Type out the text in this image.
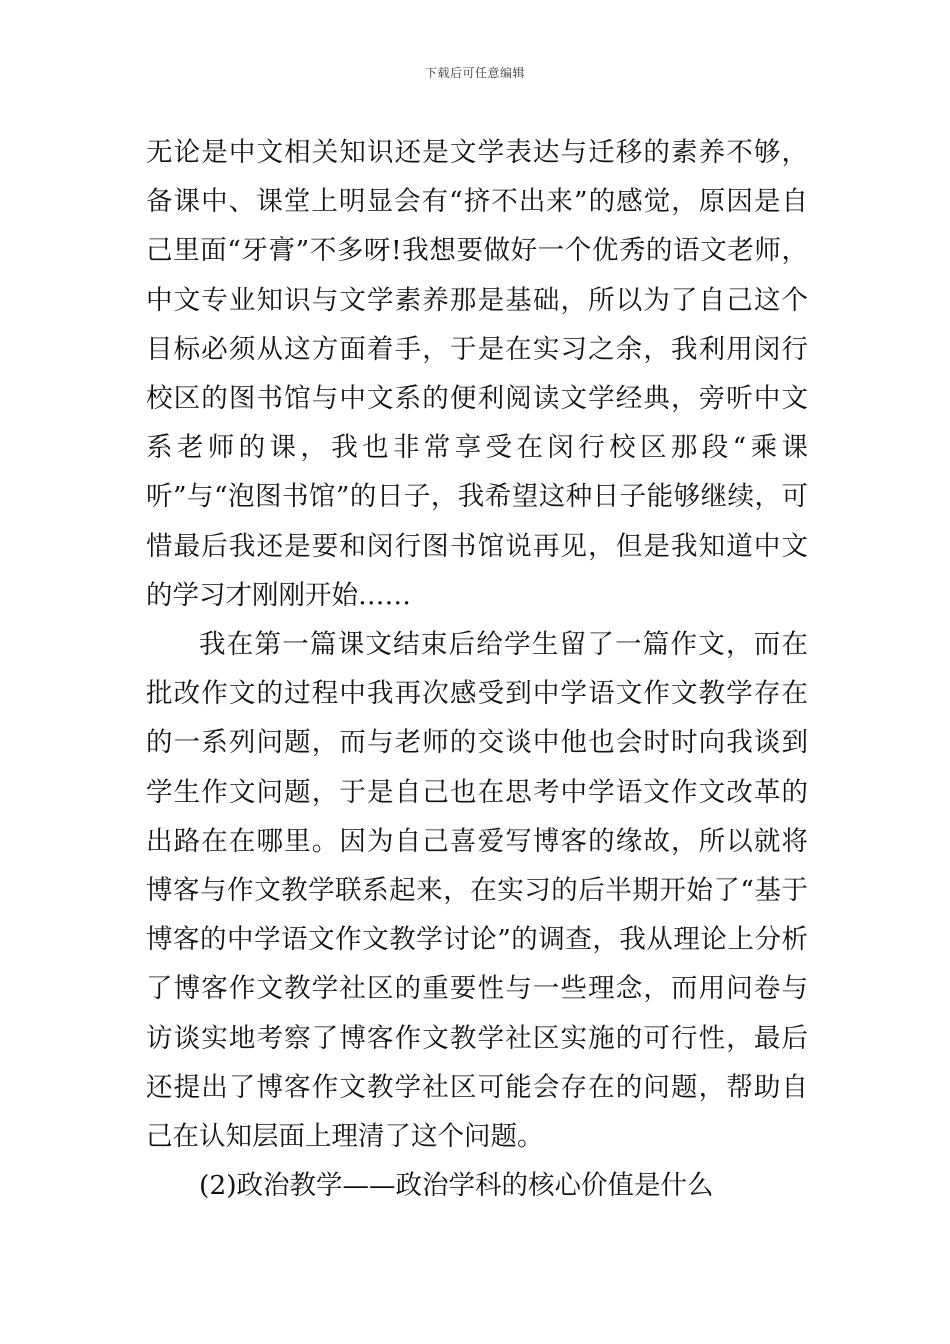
下载后可任意编辑

无论是中文相关知识还是文学表达与迁移的素养不够，备课中、课堂上明显会有“挤不出来”的感觉，原因是自己里面“牙膏”不多呀!我想要做好一个优秀的语文老师，中文专业知识与文学素养那是基础，所以为了自己这个目标必须从这方面着手，于是在实习之余，我利用闵行校区的图书馆与中文系的便利阅读文学经典，旁听中文系老师的课，我也非常享受在闵行校区那段“乘课听”与“泡图书馆”的日子，我希望这种日子能够继续，可惜最后我还是要和闵行图书馆说再见，但是我知道中文的学习才刚刚开始……

我在第一篇课文结束后给学生留了一篇作文，而在批改作文的过程中我再次感受到中学语文作文教学存在的一系列问题，而与老师的交谈中他也会时时向我谈到学生作文问题，于是自己也在思考中学语文作文改革的出路在在哪里。因为自己喜爱写博客的缘故，所以就将博客与作文教学联系起来，在实习的后半期开始了“基于博客的中学语文作文教学讨论”的调查，我从理论上分析了博客作文教学社区的重要性与一些理念，而用问卷与访谈实地考察了博客作文教学社区实施的可行性，最后还提出了博客作文教学社区可能会存在的问题，帮助自己在认知层面上理清了这个问题。

(2)政治教学——政治学科的核心价值是什么
